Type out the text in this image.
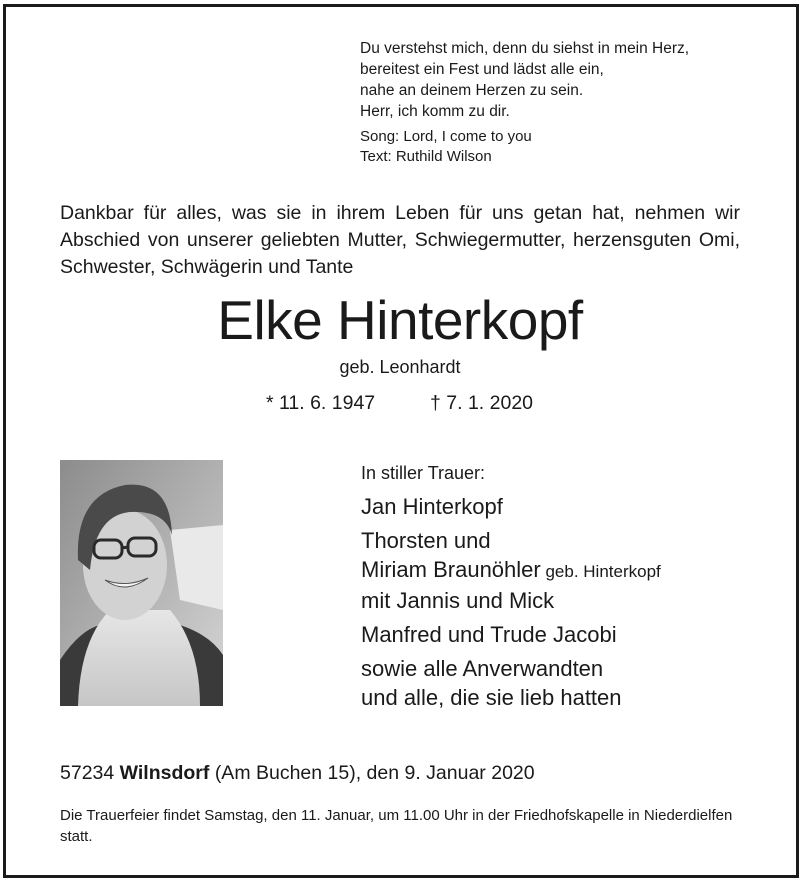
Du verstehst mich, denn du siehst in mein Herz,
bereitest ein Fest und lädst alle ein,
nahe an deinem Herzen zu sein.
Herr, ich komm zu dir.
Song: Lord, I come to you
Text: Ruthild Wilson
Dankbar für alles, was sie in ihrem Leben für uns getan hat, nehmen wir Abschied von unserer geliebten Mutter, Schwiegermutter, herzensguten Omi, Schwester, Schwägerin und Tante
Elke Hinterkopf
geb. Leonhardt
* 11. 6. 1947	† 7. 1. 2020
In stiller Trauer:
Jan Hinterkopf
Thorsten und
Miriam Braunöhler geb. Hinterkopf
mit Jannis und Mick
Manfred und Trude Jacobi
sowie alle Anverwandten
und alle, die sie lieb hatten
57234 Wilnsdorf (Am Buchen 15), den 9. Januar 2020
Die Trauerfeier findet Samstag, den 11. Januar, um 11.00 Uhr in der Friedhofskapelle in Niederdielfen statt.
